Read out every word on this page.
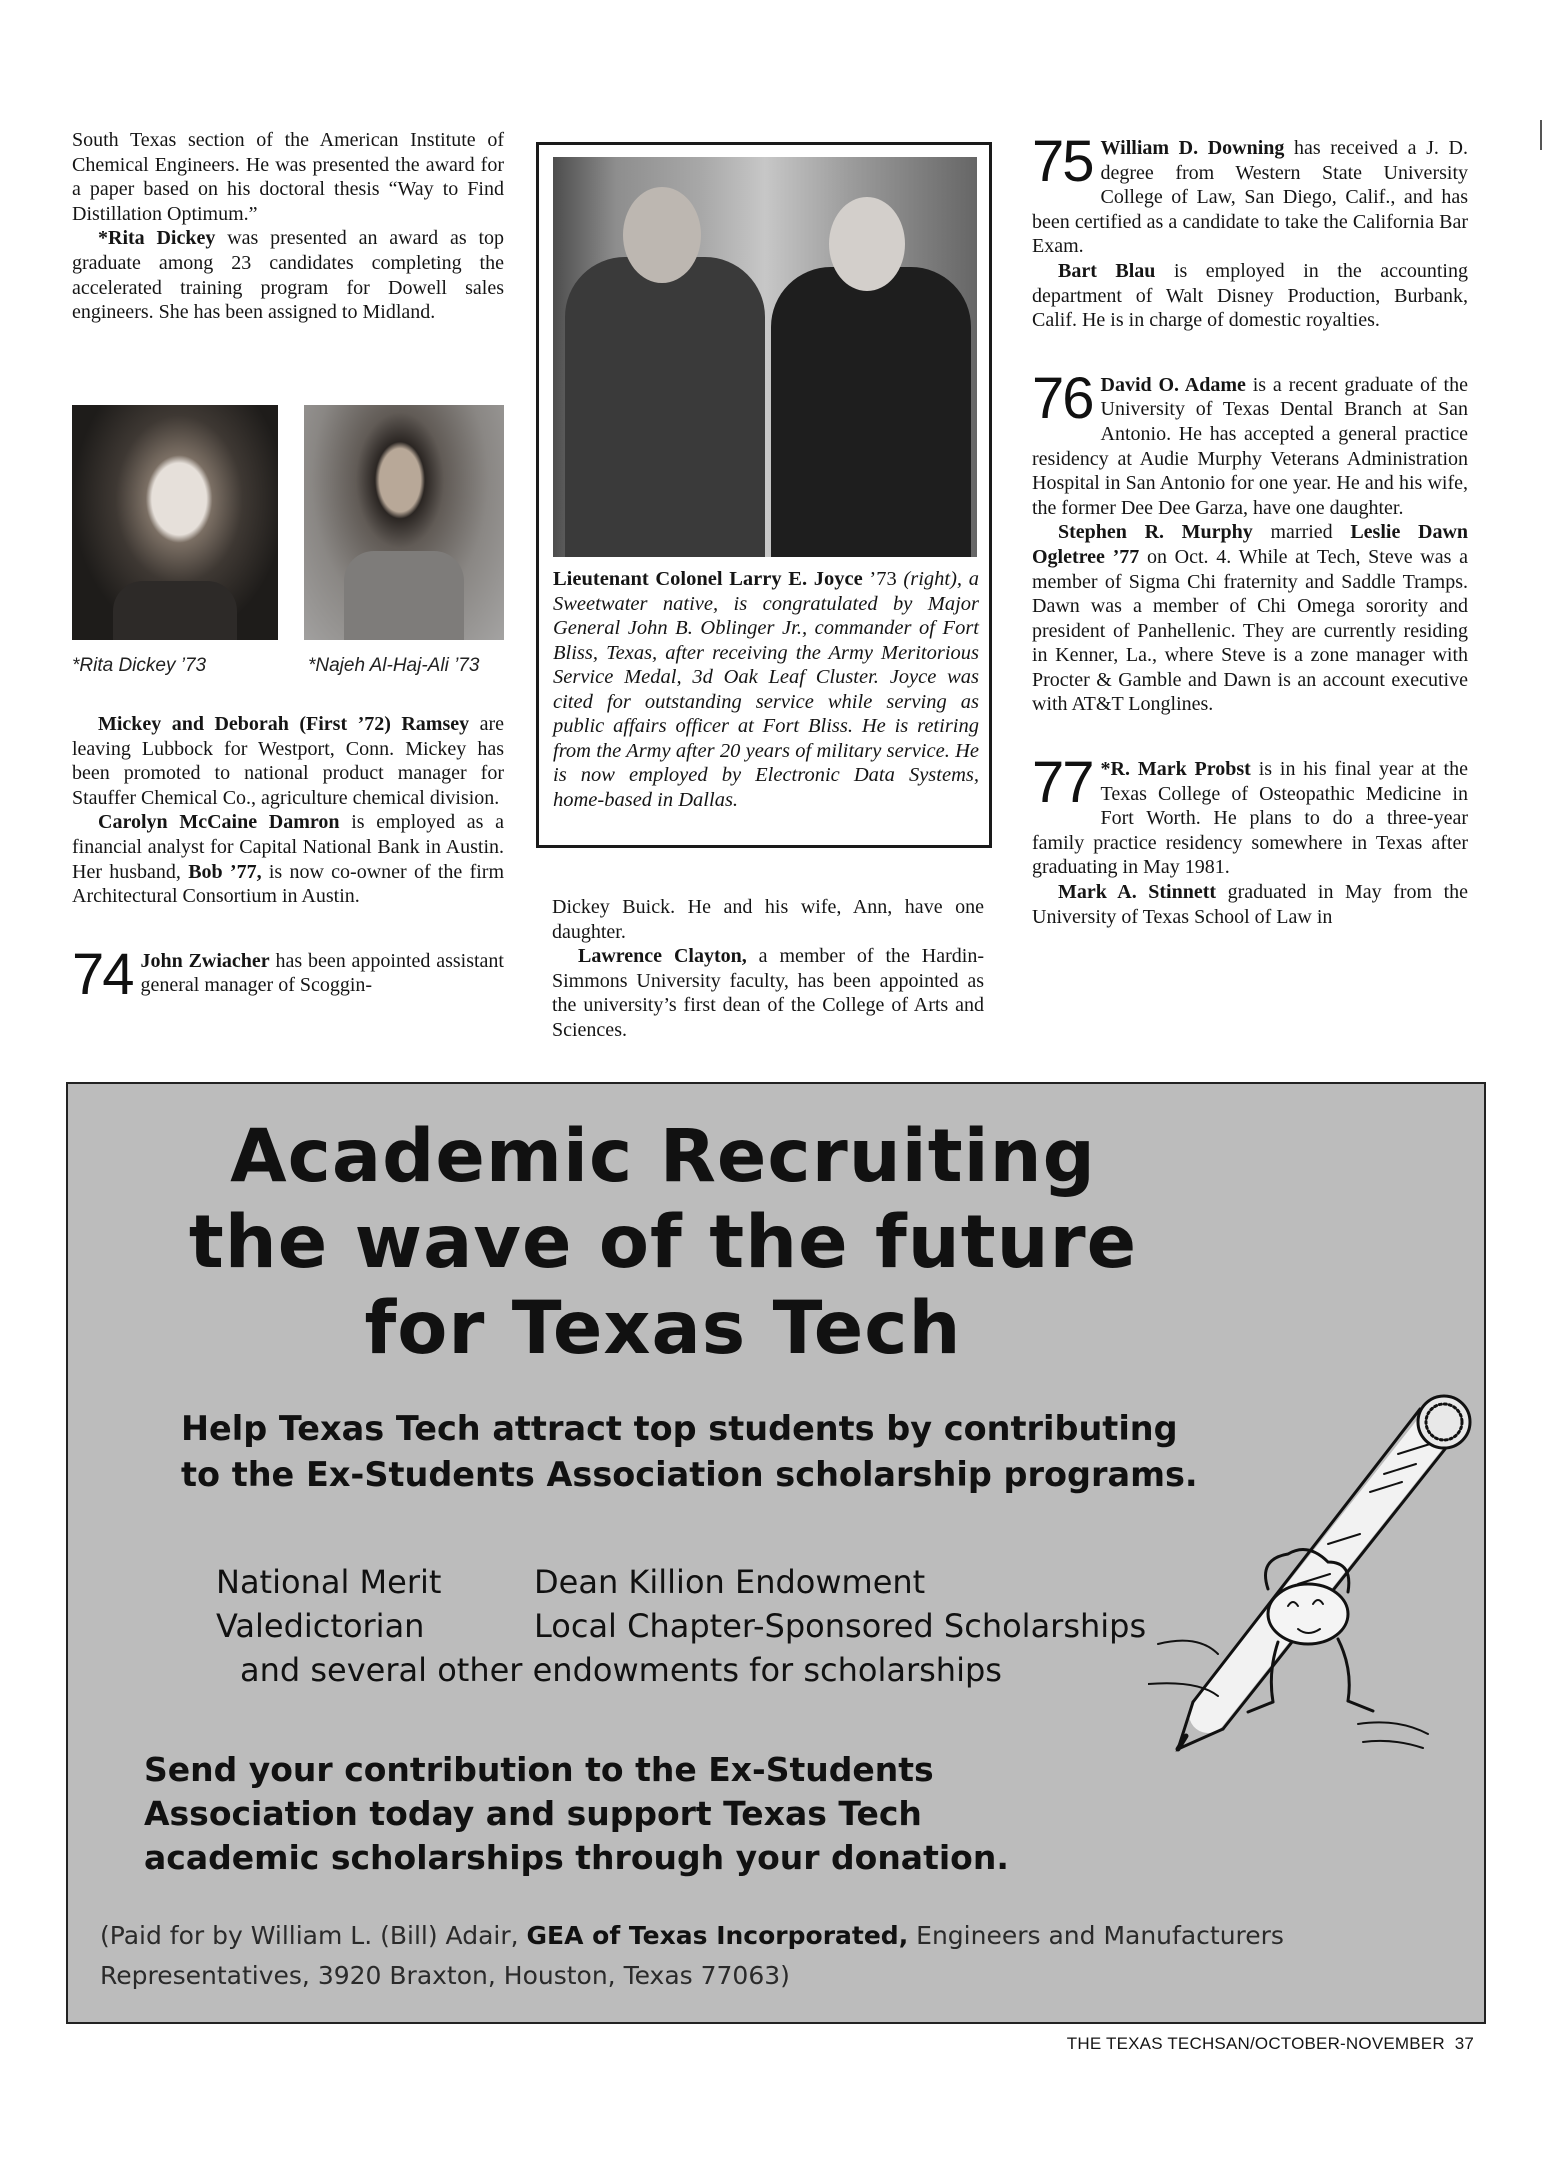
South Texas section of the American Institute of Chemical Engineers. He was presented the award for a paper based on his doctoral thesis “Way to Find Distillation Optimum.”

*Rita Dickey was presented an award as top graduate among 23 candidates completing the accelerated training program for Dowell sales engineers. She has been assigned to Midland.

*Rita Dickey ’73	*Najeh Al-Haj-Ali ’73

Mickey and Deborah (First ’72) Ramsey are leaving Lubbock for Westport, Conn. Mickey has been promoted to national product manager for Stauffer Chemical Co., agriculture chemical division.

Carolyn McCaine Damron is employed as a financial analyst for Capital National Bank in Austin. Her husband, Bob ’77, is now co-owner of the firm Architectural Consortium in Austin.

74 John Zwiacher has been appointed assistant general manager of Scoggin-

Lieutenant Colonel Larry E. Joyce ’73 (right), a Sweetwater native, is congratulated by Major General John B. Oblinger Jr., commander of Fort Bliss, Texas, after receiving the Army Meritorious Service Medal, 3d Oak Leaf Cluster. Joyce was cited for outstanding service while serving as public affairs officer at Fort Bliss. He is retiring from the Army after 20 years of military service. He is now employed by Electronic Data Systems, home-based in Dallas.

Dickey Buick. He and his wife, Ann, have one daughter.

Lawrence Clayton, a member of the Hardin-Simmons University faculty, has been appointed as the university’s first dean of the College of Arts and Sciences.

75 William D. Downing has received a J. D. degree from Western State University College of Law, San Diego, Calif., and has been certified as a candidate to take the California Bar Exam.

Bart Blau is employed in the accounting department of Walt Disney Production, Burbank, Calif. He is in charge of domestic royalties.

76 David O. Adame is a recent graduate of the University of Texas Dental Branch at San Antonio. He has accepted a general practice residency at Audie Murphy Veterans Administration Hospital in San Antonio for one year. He and his wife, the former Dee Dee Garza, have one daughter.

Stephen R. Murphy married Leslie Dawn Ogletree ’77 on Oct. 4. While at Tech, Steve was a member of Sigma Chi fraternity and Saddle Tramps. Dawn was a member of Chi Omega sorority and president of Panhellenic. They are currently residing in Kenner, La., where Steve is a zone manager with Procter & Gamble and Dawn is an account executive with AT&T Longlines.

77 *R. Mark Probst is in his final year at the Texas College of Osteopathic Medicine in Fort Worth. He plans to do a three-year family practice residency somewhere in Texas after graduating in May 1981.

Mark A. Stinnett graduated in May from the University of Texas School of Law in

Academic Recruiting
the wave of the future
for Texas Tech
Help Texas Tech attract top students by contributing
to the Ex-Students Association scholarship programs.
National Merit	Dean Killion Endowment
Valedictorian	Local Chapter-Sponsored Scholarships
and several other endowments for scholarships
Send your contribution to the Ex-Students
Association today and support Texas Tech
academic scholarships through your donation.
(Paid for by William L. (Bill) Adair, GEA of Texas Incorporated, Engineers and Manufacturers Representatives, 3920 Braxton, Houston, Texas 77063)
THE TEXAS TECHSAN/OCTOBER-NOVEMBER 37
